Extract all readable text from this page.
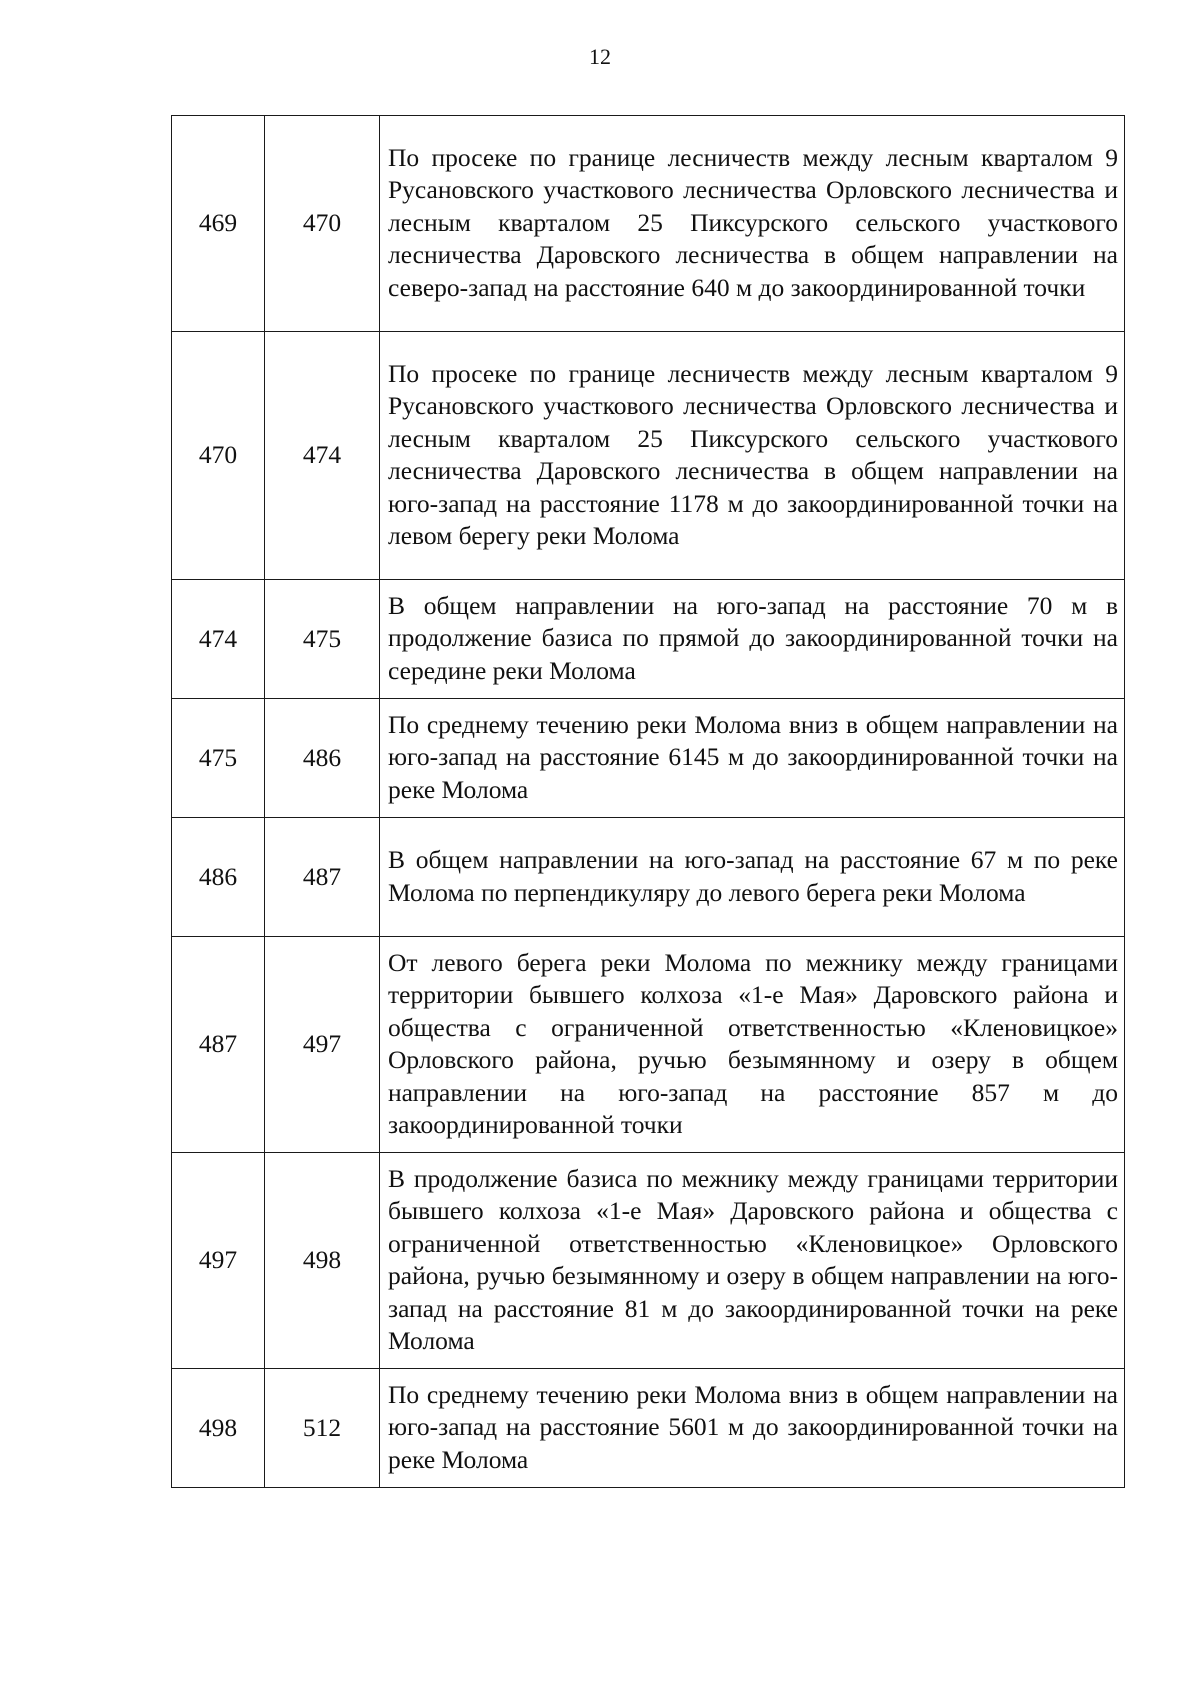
12
469	470	По просеке по границе лесничеств между лесным кварталом 9 Русановского участкового лесничества Орловского лесничества и лесным кварталом 25 Пиксурского сельского участкового лесничества Даровского лесничества в общем направлении на северо-запад на расстояние 640 м до закоординированной точки
470	474	По просеке по границе лесничеств между лесным кварталом 9 Русановского участкового лесничества Орловского лесничества и лесным кварталом 25 Пиксурского сельского участкового лесничества Даровского лесничества в общем направлении на юго-запад на расстояние 1178 м до закоординированной точки на левом берегу реки Молома
474	475	В общем направлении на юго-запад на расстояние 70 м в продолжение базиса по прямой до закоординированной точки на середине реки Молома
475	486	По среднему течению реки Молома вниз в общем направлении на юго-запад на расстояние 6145 м до закоординированной точки на реке Молома
486	487	В общем направлении на юго-запад на расстояние 67 м по реке Молома по перпендикуляру до левого берега реки Молома
487	497	От левого берега реки Молома по межнику между границами территории бывшего колхоза «1-е Мая» Даровского района и общества с ограниченной ответственностью «Кленовицкое» Орловского района, ручью безымянному и озеру в общем направлении на юго-запад на расстояние 857 м до закоординированной точки
497	498	В продолжение базиса по межнику между границами территории бывшего колхоза «1-е Мая» Даровского района и общества с ограниченной ответственностью «Кленовицкое» Орловского района, ручью безымянному и озеру в общем направлении на юго-запад на расстояние 81 м до закоординированной точки на реке Молома
498	512	По среднему течению реки Молома вниз в общем направлении на юго-запад на расстояние 5601 м до закоординированной точки на реке Молома
